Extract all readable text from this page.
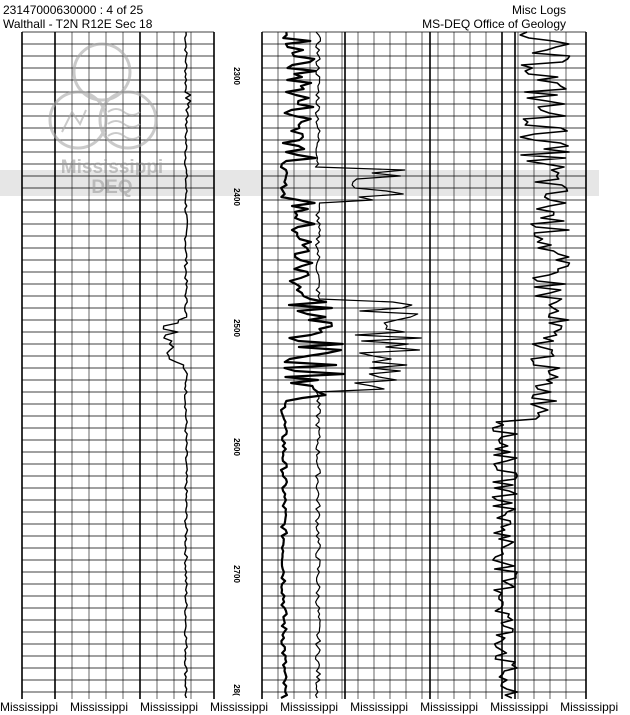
23147000630000 : 4 of 25
Walthall - T2N R12E Sec 18
Misc Logs
MS-DEQ Office of Geology
2300
2400
2500
2600
2700
28(
Mississippi
DEQ
Mississippi Mississippi Mississippi Mississippi Mississippi Mississippi Mississippi Mississippi Mississippi
